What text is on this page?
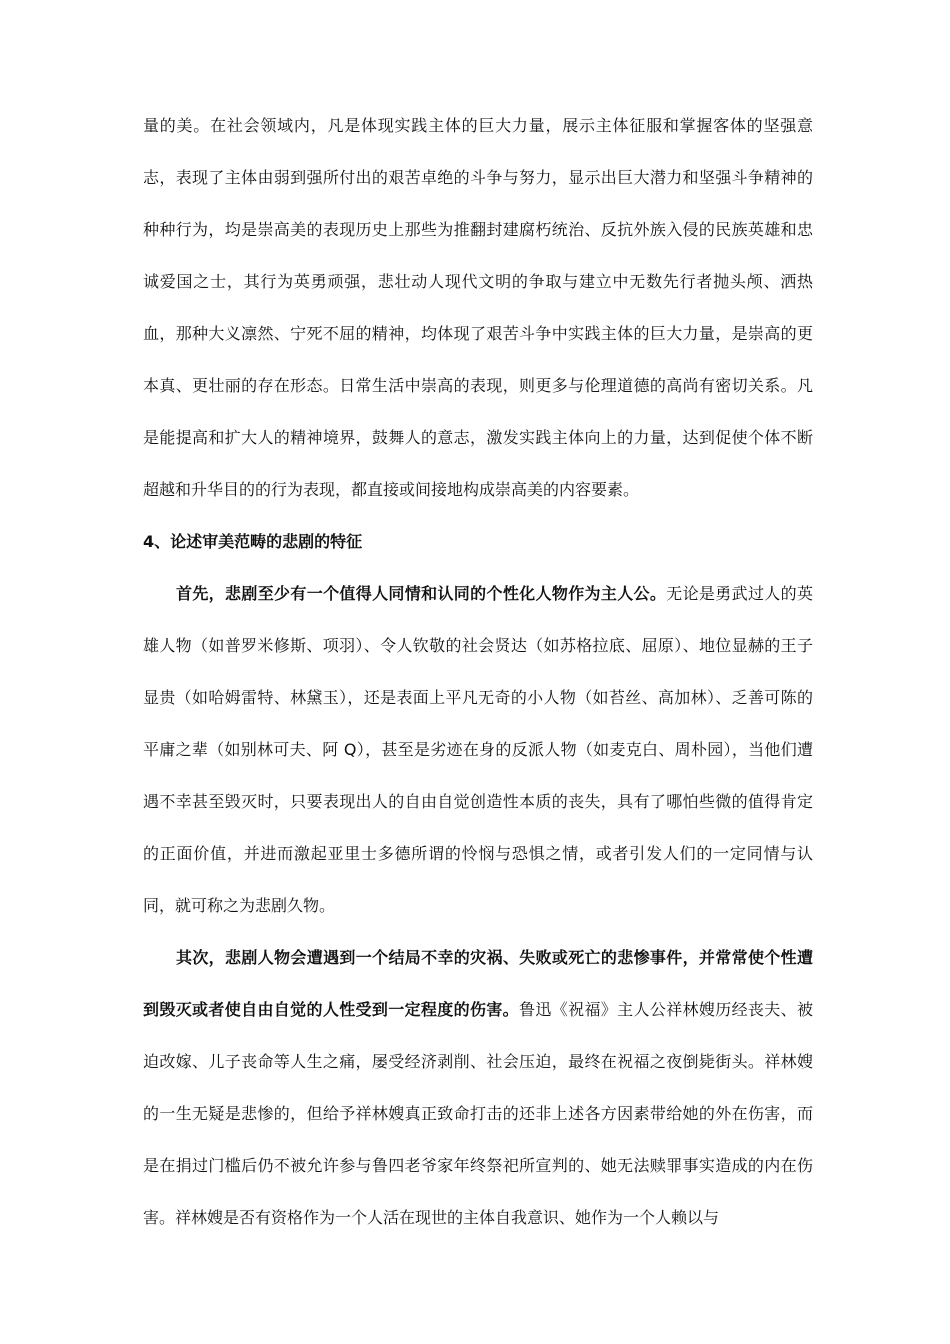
量的美。在社会领域内，凡是体现实践主体的巨大力量，展示主体征服和掌握客体的坚强意志，表现了主体由弱到强所付出的艰苦卓绝的斗争与努力，显示出巨大潜力和坚强斗争精神的种种行为，均是崇高美的表现历史上那些为推翻封建腐朽统治、反抗外族入侵的民族英雄和忠诚爱国之士，其行为英勇顽强，悲壮动人现代文明的争取与建立中无数先行者抛头颅、洒热血，那种大义凛然、宁死不屈的精神，均体现了艰苦斗争中实践主体的巨大力量，是崇高的更本真、更壮丽的存在形态。日常生活中崇高的表现，则更多与伦理道德的高尚有密切关系。凡是能提高和扩大人的精神境界，鼓舞人的意志，激发实践主体向上的力量，达到促使个体不断超越和升华目的的行为表现，都直接或间接地构成崇高美的内容要素。

4、论述审美范畴的悲剧的特征

首先，悲剧至少有一个值得人同情和认同的个性化人物作为主人公。无论是勇武过人的英雄人物（如普罗米修斯、项羽）、令人钦敬的社会贤达（如苏格拉底、屈原）、地位显赫的王子显贵（如哈姆雷特、林黛玉），还是表面上平凡无奇的小人物（如苔丝、高加林）、乏善可陈的平庸之辈（如别林可夫、阿 Q），甚至是劣迹在身的反派人物（如麦克白、周朴园），当他们遭遇不幸甚至毁灭时，只要表现出人的自由自觉创造性本质的丧失，具有了哪怕些微的值得肯定的正面价值，并进而激起亚里士多德所谓的怜悯与恐惧之情，或者引发人们的一定同情与认同，就可称之为悲剧久物。

其次，悲剧人物会遭遇到一个结局不幸的灾祸、失败或死亡的悲惨事件，并常常使个性遭到毁灭或者使自由自觉的人性受到一定程度的伤害。鲁迅《祝福》主人公祥林嫂历经丧夫、被迫改嫁、儿子丧命等人生之痛，屡受经济剥削、社会压迫，最终在祝福之夜倒毙街头。祥林嫂的一生无疑是悲惨的，但给予祥林嫂真正致命打击的还非上述各方因素带给她的外在伤害，而是在捐过门槛后仍不被允许参与鲁四老爷家年终祭祀所宣判的、她无法赎罪事实造成的内在伤害。祥林嫂是否有资格作为一个人活在现世的主体自我意识、她作为一个人赖以与
